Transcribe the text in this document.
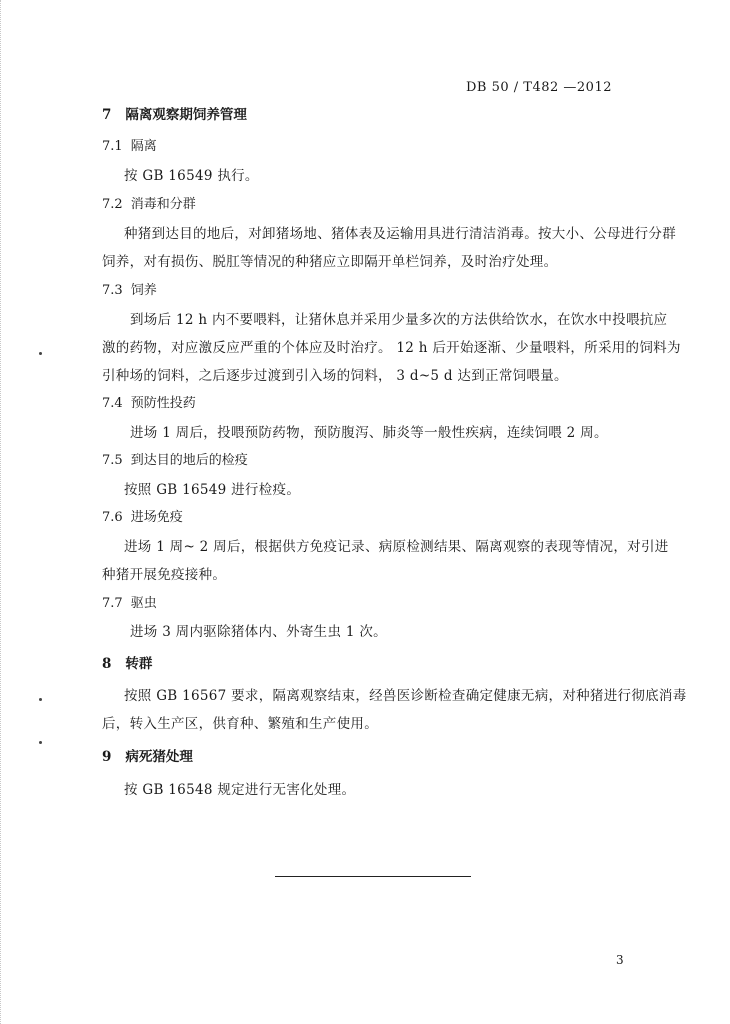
DB 50 / T482 —2012
7 隔离观察期饲养管理
7.1 隔离
按 GB 16549 执行。
7.2 消毒和分群
种猪到达目的地后，对卸猪场地、猪体表及运输用具进行清洁消毒。按大小、公母进行分群
饲养，对有损伤、脱肛等情况的种猪应立即隔开单栏饲养，及时治疗处理。
7.3 饲养
到场后 12 h 内不要喂料，让猪休息并采用少量多次的方法供给饮水，在饮水中投喂抗应
激的药物，对应激反应严重的个体应及时治疗。 12 h 后开始逐渐、少量喂料，所采用的饲料为
引种场的饲料，之后逐步过渡到引入场的饲料， 3 d~5 d 达到正常饲喂量。
7.4 预防性投药
进场 1 周后，投喂预防药物，预防腹泻、肺炎等一般性疾病，连续饲喂 2 周。
7.5 到达目的地后的检疫
按照 GB 16549 进行检疫。
7.6 进场免疫
进场 1 周~ 2 周后，根据供方免疫记录、病原检测结果、隔离观察的表现等情况，对引进
种猪开展免疫接种。
7.7 驱虫
进场 3 周内驱除猪体内、外寄生虫 1 次。
8 转群
按照 GB 16567 要求，隔离观察结束，经兽医诊断检查确定健康无病，对种猪进行彻底消毒
后，转入生产区，供育种、繁殖和生产使用。
9 病死猪处理
按 GB 16548 规定进行无害化处理。
3
